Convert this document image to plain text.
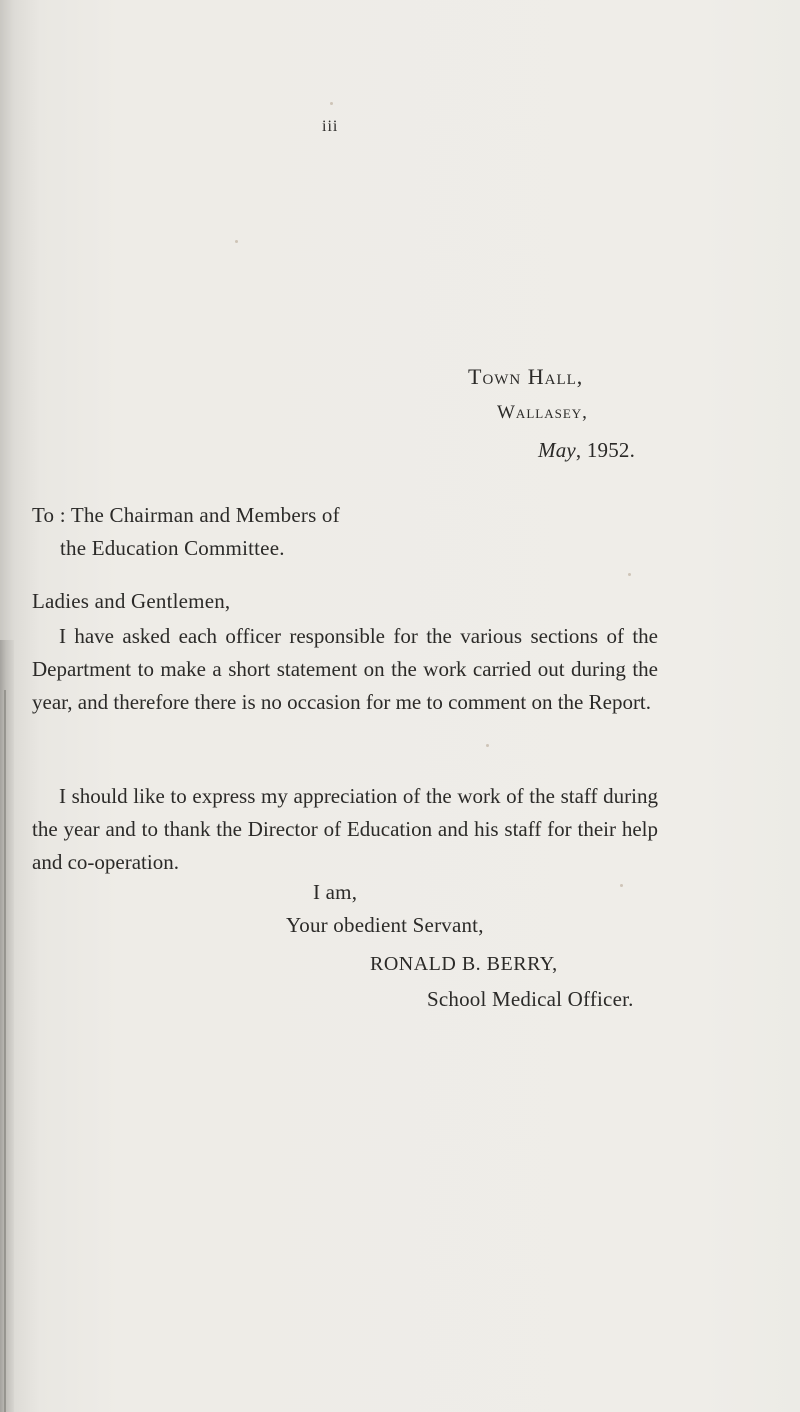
iii
Town Hall,
Wallasey,
May, 1952.
To : The Chairman and Members of
the Education Committee.
Ladies and Gentlemen,
I have asked each officer responsible for the various sections of the Department to make a short statement on the work carried out during the year, and therefore there is no occasion for me to comment on the Report.
I should like to express my appreciation of the work of the staff during the year and to thank the Director of Education and his staff for their help and co-operation.
I am,
Your obedient Servant,
RONALD B. BERRY,
School Medical Officer.
